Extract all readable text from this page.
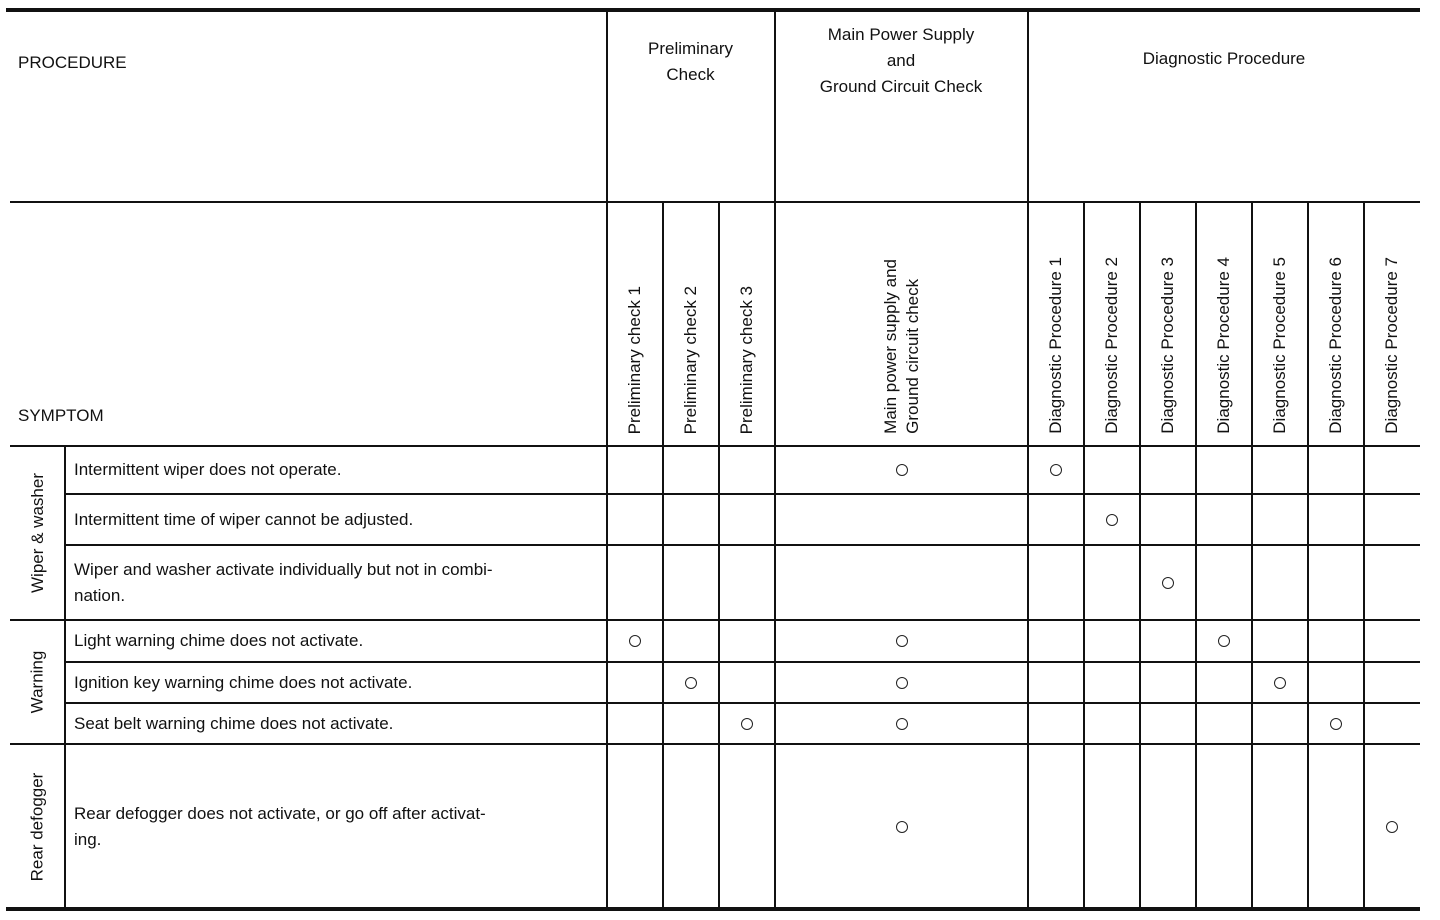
PROCEDURE
SYMPTOM
Preliminary
Check
Main Power Supply
and
Ground Circuit Check
Diagnostic Procedure
Preliminary check 1 Preliminary check 2 Preliminary check 3	Main power supply and
Ground circuit check	Diagnostic Procedure 1 Diagnostic Procedure 2 Diagnostic Procedure 3 Diagnostic Procedure 4 Diagnostic Procedure 5 Diagnostic Procedure 6 Diagnostic Procedure 7
Wiper & washer
Warning
Rear defogger
Intermittent wiper does not operate.
Intermittent time of wiper cannot be adjusted.
Wiper and washer activate individually but not in combi-
nation.
Light warning chime does not activate.
Ignition key warning chime does not activate.
Seat belt warning chime does not activate.
Rear defogger does not activate, or go off after activat-
ing.
